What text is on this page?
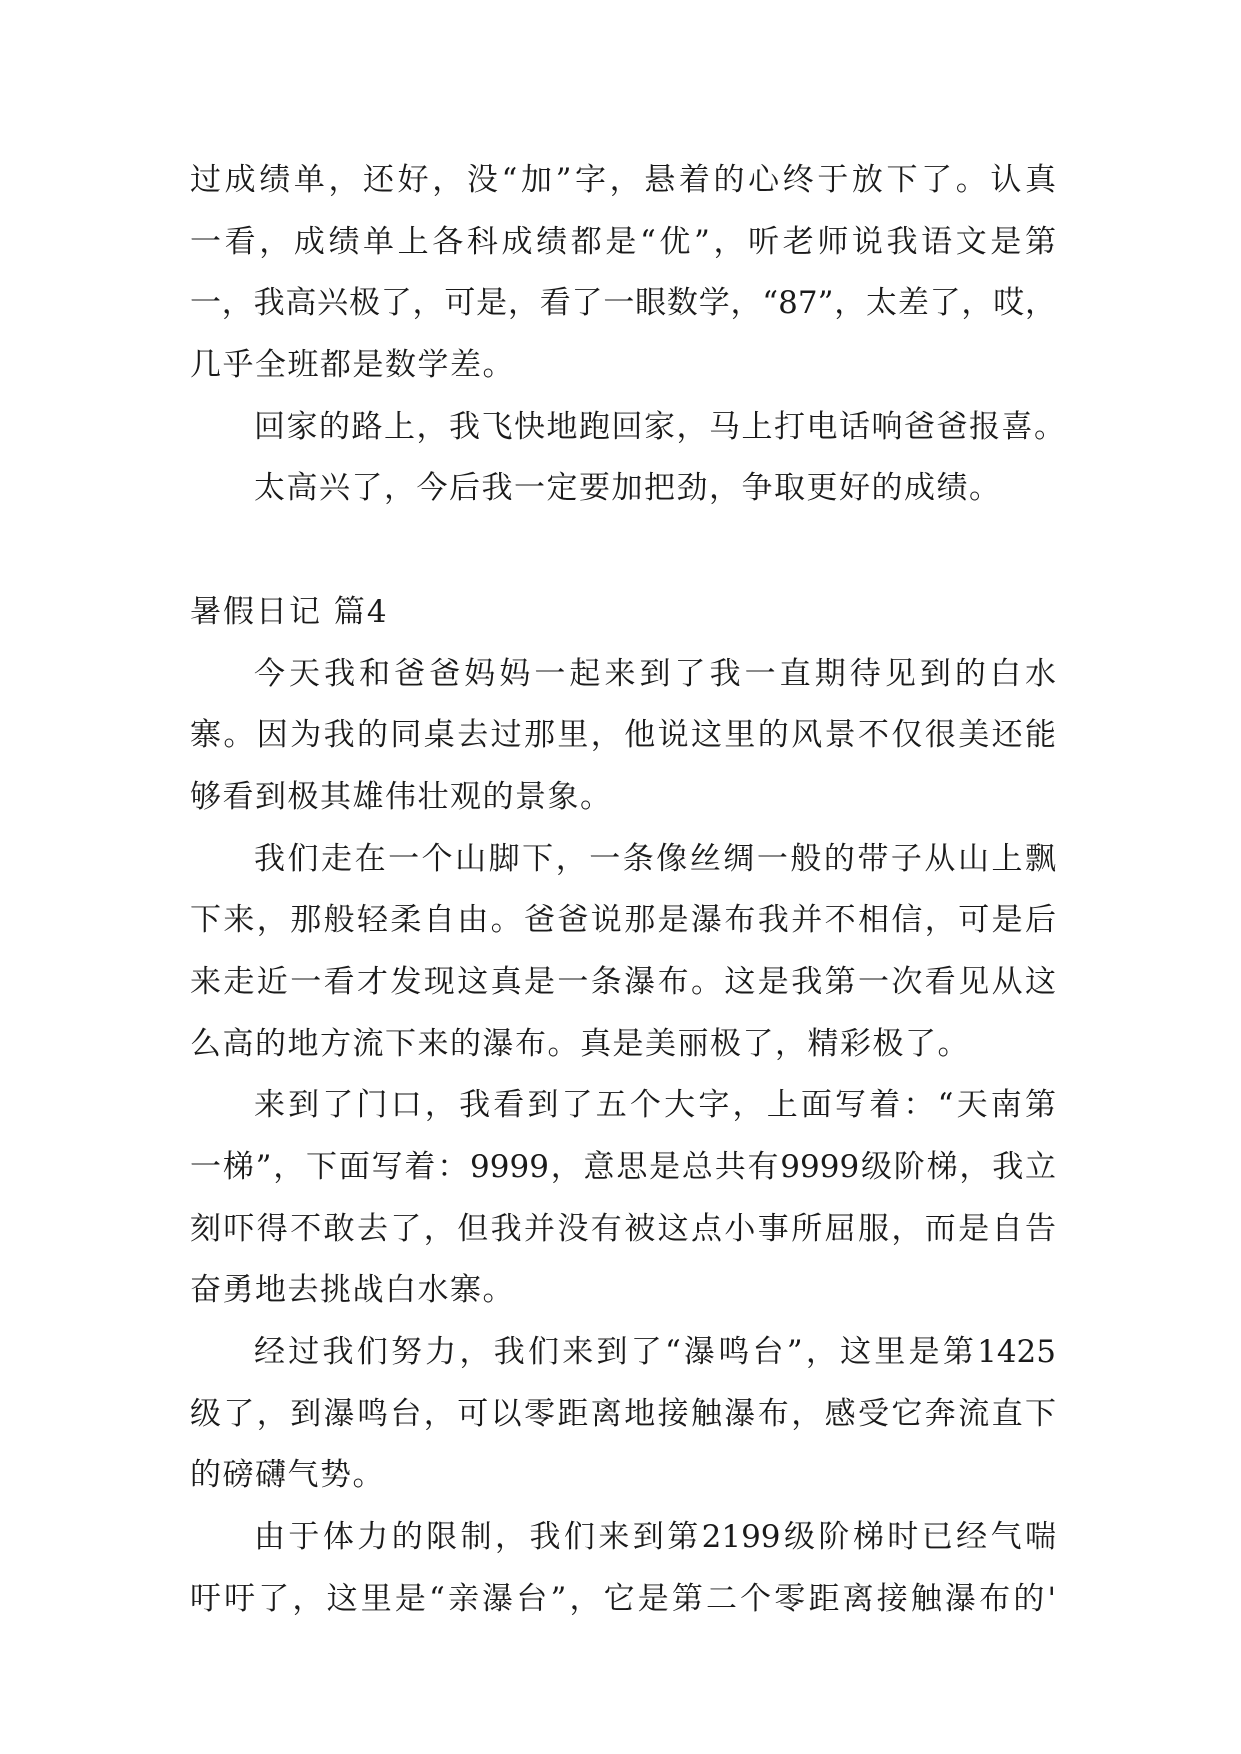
过成绩单，还好，没“加”字，悬着的心终于放下了。认真
一看，成绩单上各科成绩都是“优”，听老师说我语文是第
一，我高兴极了，可是，看了一眼数学，“87”，太差了，哎，
几乎全班都是数学差。
回家的路上，我飞快地跑回家，马上打电话响爸爸报喜。
太高兴了，今后我一定要加把劲，争取更好的成绩。
暑假日记 篇4
今天我和爸爸妈妈一起来到了我一直期待见到的白水
寨。因为我的同桌去过那里，他说这里的风景不仅很美还能
够看到极其雄伟壮观的景象。
我们走在一个山脚下，一条像丝绸一般的带子从山上飘
下来，那般轻柔自由。爸爸说那是瀑布我并不相信，可是后
来走近一看才发现这真是一条瀑布。这是我第一次看见从这
么高的地方流下来的瀑布。真是美丽极了，精彩极了。
来到了门口，我看到了五个大字，上面写着：“天南第
一梯”，下面写着：9999，意思是总共有9999级阶梯，我立
刻吓得不敢去了，但我并没有被这点小事所屈服，而是自告
奋勇地去挑战白水寨。
经过我们努力，我们来到了“瀑鸣台”，这里是第1425
级了，到瀑鸣台，可以零距离地接触瀑布，感受它奔流直下
的磅礴气势。
由于体力的限制，我们来到第2199级阶梯时已经气喘
吁吁了，这里是“亲瀑台”，它是第二个零距离接触瀑布的'
